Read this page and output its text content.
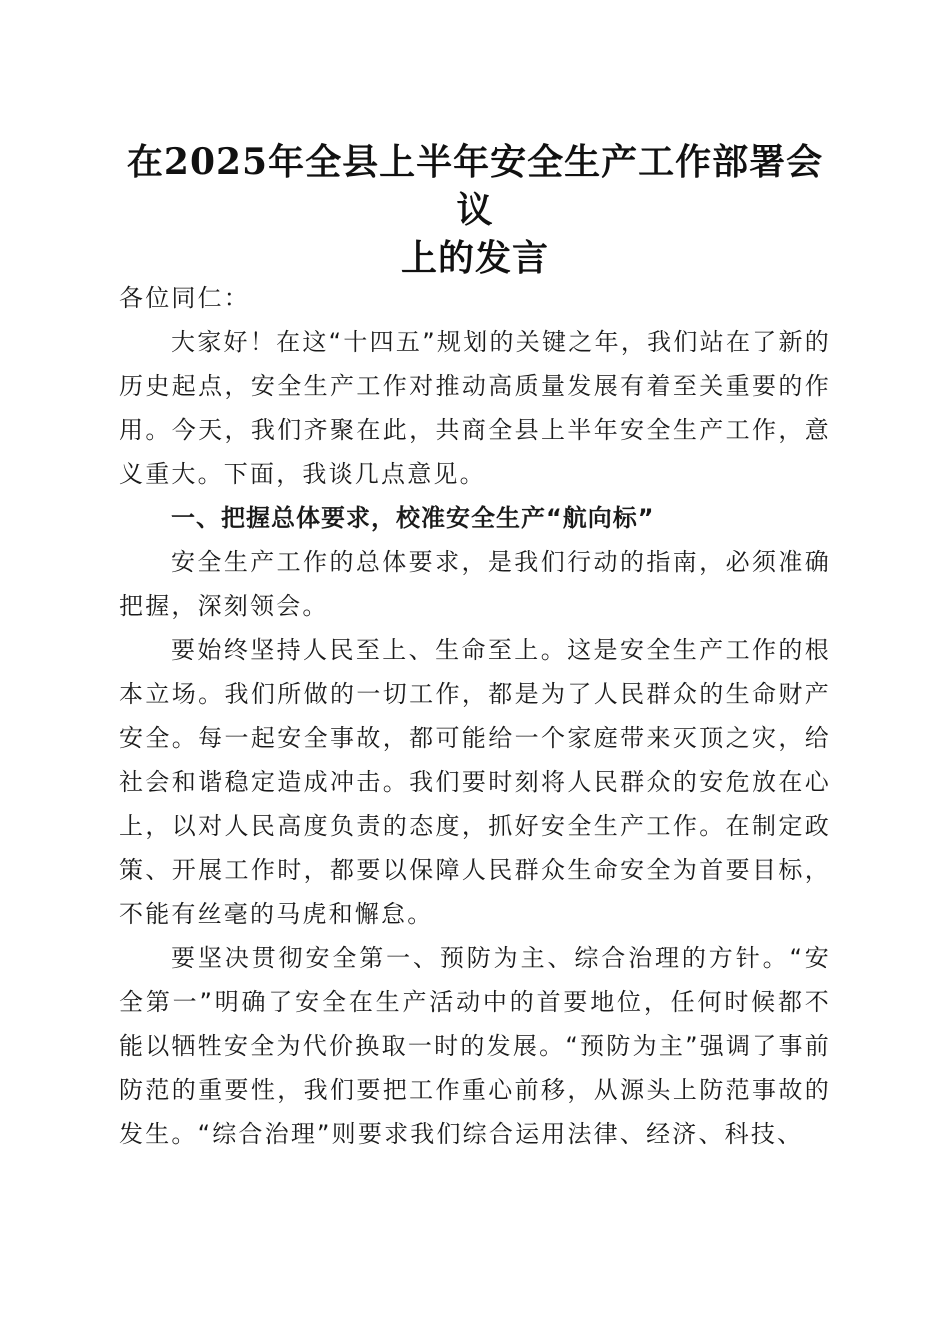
在2025年全县上半年安全生产工作部署会议
上的发言

各位同仁：

大家好！在这“十四五”规划的关键之年，我们站在了新的历史起点，安全生产工作对推动高质量发展有着至关重要的作用。今天，我们齐聚在此，共商全县上半年安全生产工作，意义重大。下面，我谈几点意见。

一、把握总体要求，校准安全生产“航向标”

安全生产工作的总体要求，是我们行动的指南，必须准确把握，深刻领会。

要始终坚持人民至上、生命至上。这是安全生产工作的根本立场。我们所做的一切工作，都是为了人民群众的生命财产安全。每一起安全事故，都可能给一个家庭带来灭顶之灾，给社会和谐稳定造成冲击。我们要时刻将人民群众的安危放在心上，以对人民高度负责的态度，抓好安全生产工作。在制定政策、开展工作时，都要以保障人民群众生命安全为首要目标，不能有丝毫的马虎和懈怠。

要坚决贯彻安全第一、预防为主、综合治理的方针。“安全第一”明确了安全在生产活动中的首要地位，任何时候都不能以牺牲安全为代价换取一时的发展。“预防为主”强调了事前防范的重要性，我们要把工作重心前移，从源头上防范事故的发生。“综合治理”则要求我们综合运用法律、经济、科技、
